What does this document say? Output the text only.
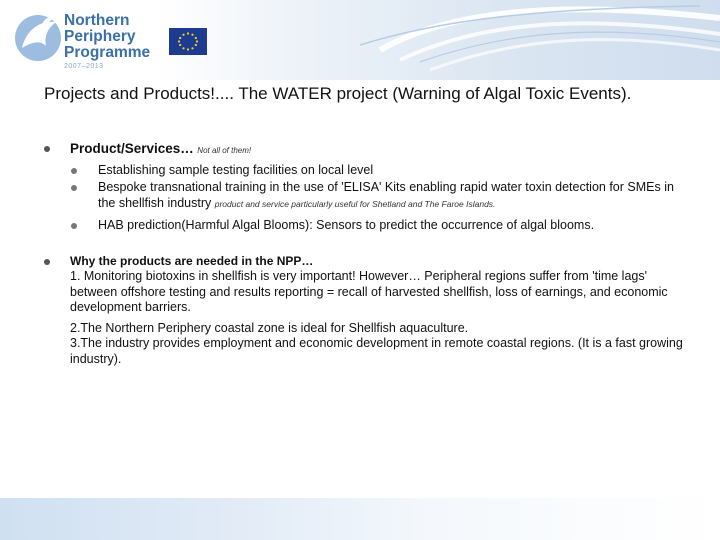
Northern
Periphery
Programme
2007–2013
Projects and Products!.... The WATER project (Warning of Algal Toxic Events).
Product/Services… Not all of them!
Establishing sample testing facilities on local level
Bespoke transnational training in the use of 'ELISA' Kits enabling rapid water toxin detection for SMEs in the shellfish industry product and service particularly useful for Shetland and The Faroe Islands.
HAB prediction(Harmful Algal Blooms): Sensors to predict the occurrence of algal blooms.
Why the products are needed in the NPP…

1. Monitoring biotoxins in shellfish is very important! However… Peripheral regions suffer from 'time lags' between offshore testing and results reporting = recall of harvested shellfish, loss of earnings, and economic development barriers.

2.The Northern Periphery coastal zone is ideal for Shellfish aquaculture.

3.The industry provides employment and economic development in remote coastal regions. (It is a fast growing industry).
